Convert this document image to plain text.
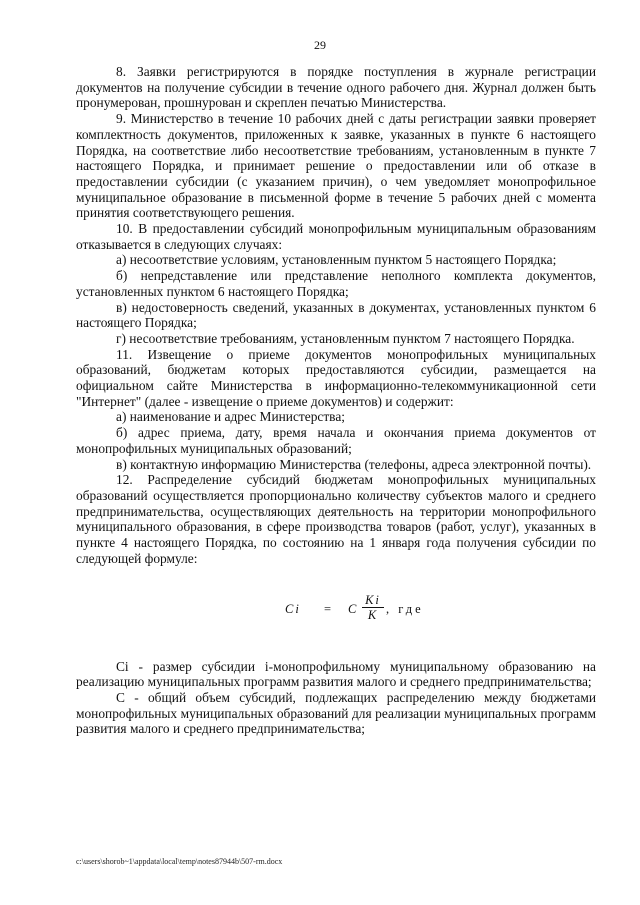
29

8. Заявки регистрируются в порядке поступления в журнале регистрации документов на получение субсидии в течение одного рабочего дня. Журнал должен быть пронумерован, прошнурован и скреплен печатью Министерства.

9. Министерство в течение 10 рабочих дней с даты регистрации заявки проверяет комплектность документов, приложенных к заявке, указанных в пункте 6 настоящего Порядка, на соответствие либо несоответствие требованиям, установленным в пункте 7 настоящего Порядка, и принимает решение о предоставлении или об отказе в предоставлении субсидии (с указанием причин), о чем уведомляет монопрофильное муниципальное образование в письменной форме в течение 5 рабочих дней с момента принятия соответствующего решения.

10. В предоставлении субсидий монопрофильным муниципальным образованиям отказывается в следующих случаях:

а) несоответствие условиям, установленным пунктом 5 настоящего Порядка;

б) непредставление или представление неполного комплекта документов, установленных пунктом 6 настоящего Порядка;

в) недостоверность сведений, указанных в документах, установленных пунктом 6 настоящего Порядка;

г) несоответствие требованиям, установленным пунктом 7 настоящего Порядка.

11. Извещение о приеме документов монопрофильных муниципальных образований, бюджетам которых предоставляются субсидии, размещается на официальном сайте Министерства в информационно-телекоммуникационной сети "Интернет" (далее - извещение о приеме документов) и содержит:

а) наименование и адрес Министерства;

б) адрес приема, дату, время начала и окончания приема документов от монопрофильных муниципальных образований;

в) контактную информацию Министерства (телефоны, адреса электронной почты).

12. Распределение субсидий бюджетам монопрофильных муниципальных образований осуществляется пропорционально количеству субъектов малого и среднего предпринимательства, осуществляющих деятельность на территории монопрофильного муниципального образования, в сфере производства товаров (работ, услуг), указанных в пункте 4 настоящего Порядка, по состоянию на 1 января года получения субсидии по следующей формуле:

Ci = C $\frac{Ki}{K}$ , где

Ci - размер субсидии i-монопрофильному муниципальному образованию на реализацию муниципальных программ развития малого и среднего предпринимательства;

C - общий объем субсидий, подлежащих распределению между бюджетами монопрофильных муниципальных образований для реализации муниципальных программ развития малого и среднего предпринимательства;

c:\users\shorob~1\appdata\local\temp\notes87944b\507-rm.docx
